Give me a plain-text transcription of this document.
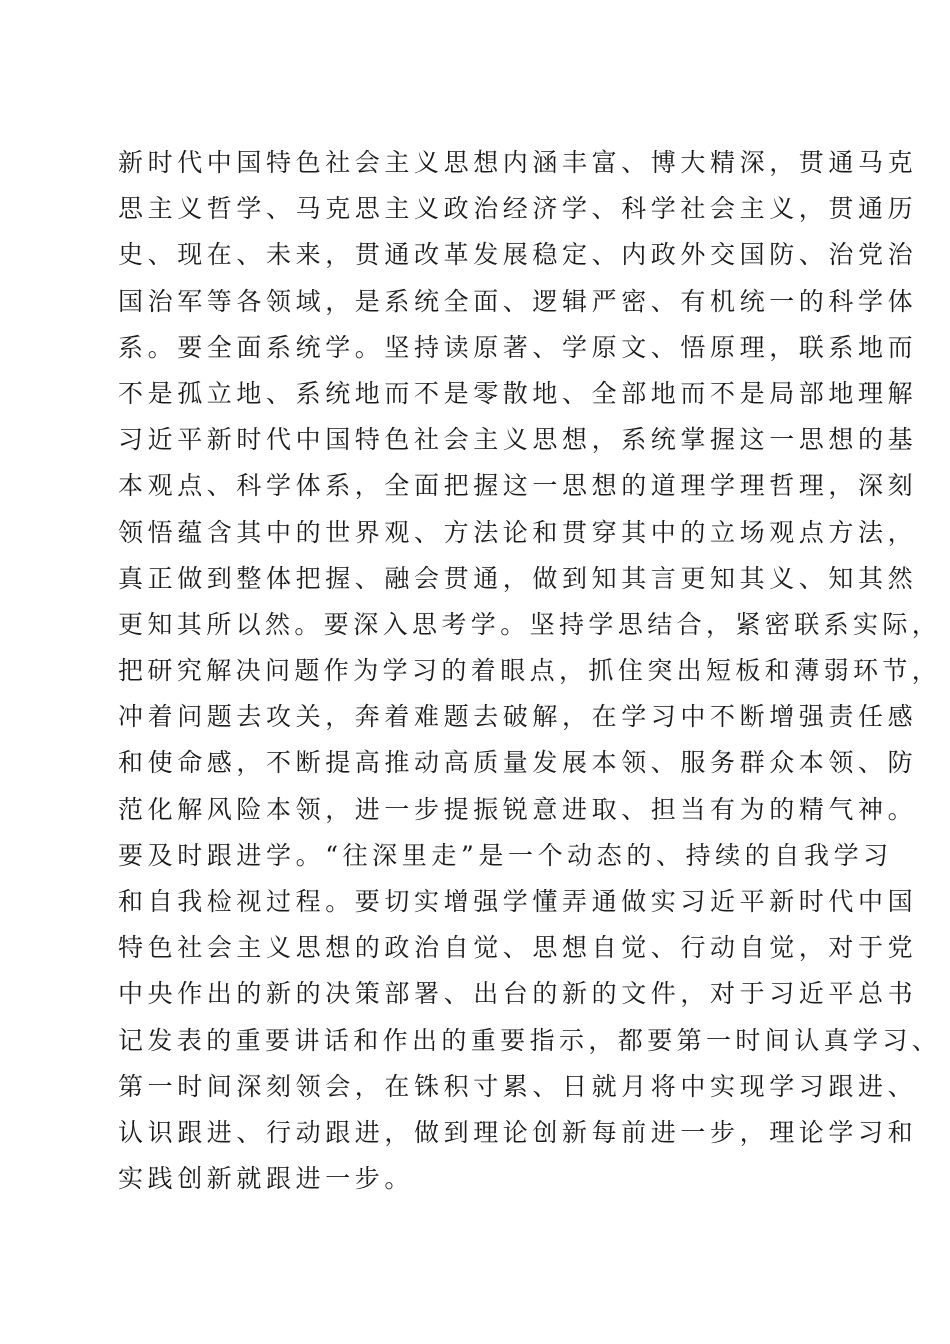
新时代中国特色社会主义思想内涵丰富、博大精深，贯通马克
思主义哲学、马克思主义政治经济学、科学社会主义，贯通历
史、现在、未来，贯通改革发展稳定、内政外交国防、治党治
国治军等各领域，是系统全面、逻辑严密、有机统一的科学体
系。要全面系统学。坚持读原著、学原文、悟原理，联系地而
不是孤立地、系统地而不是零散地、全部地而不是局部地理解
习近平新时代中国特色社会主义思想，系统掌握这一思想的基
本观点、科学体系，全面把握这一思想的道理学理哲理，深刻
领悟蕴含其中的世界观、方法论和贯穿其中的立场观点方法，
真正做到整体把握、融会贯通，做到知其言更知其义、知其然
更知其所以然。要深入思考学。坚持学思结合，紧密联系实际，
把研究解决问题作为学习的着眼点，抓住突出短板和薄弱环节，
冲着问题去攻关，奔着难题去破解，在学习中不断增强责任感
和使命感，不断提高推动高质量发展本领、服务群众本领、防
范化解风险本领，进一步提振锐意进取、担当有为的精气神。
要及时跟进学。“往深里走”是一个动态的、持续的自我学习
和自我检视过程。要切实增强学懂弄通做实习近平新时代中国
特色社会主义思想的政治自觉、思想自觉、行动自觉，对于党
中央作出的新的决策部署、出台的新的文件，对于习近平总书
记发表的重要讲话和作出的重要指示，都要第一时间认真学习、
第一时间深刻领会，在铢积寸累、日就月将中实现学习跟进、
认识跟进、行动跟进，做到理论创新每前进一步，理论学习和
实践创新就跟进一步。
